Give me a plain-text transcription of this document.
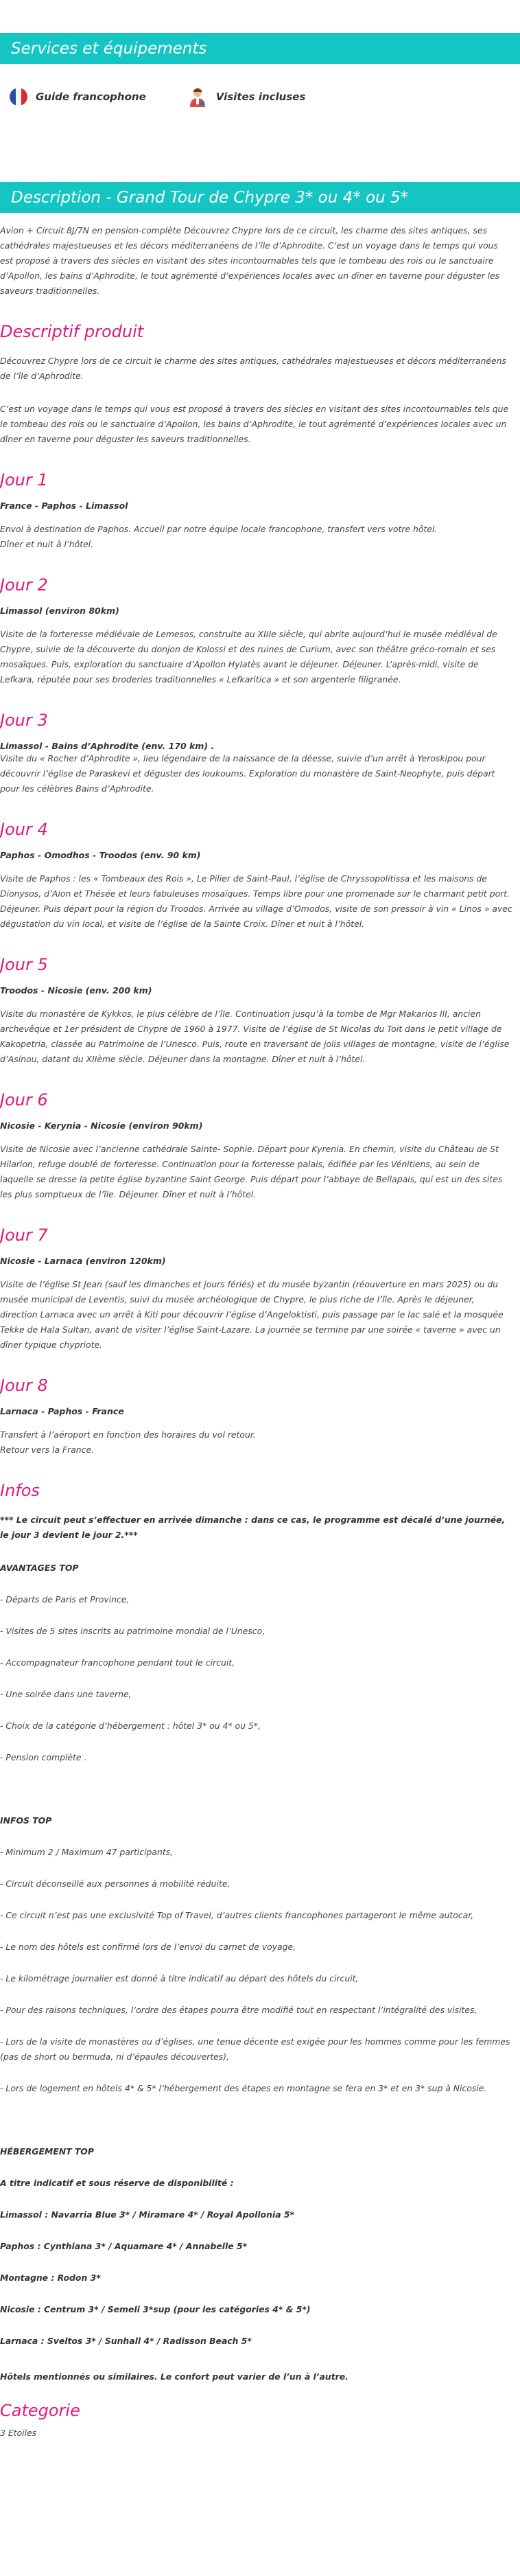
Services et équipements
Guide francophone	Visites incluses
Description - Grand Tour de Chypre 3* ou 4* ou 5*

Avion + Circuit 8J/7N en pension-complète Découvrez Chypre lors de ce circuit, les charme des sites antiques, ses cathédrales majestueuses et les décors méditerranéens de l’île d’Aphrodite. C’est un voyage dans le temps qui vous est proposé à travers des siècles en visitant des sites incontournables tels que le tombeau des rois ou le sanctuaire d’Apollon, les bains d’Aphrodite, le tout agrémenté d’expériences locales avec un dîner en taverne pour déguster les saveurs traditionnelles.

Descriptif produit

Découvrez Chypre lors de ce circuit le charme des sites antiques, cathédrales majestueuses et décors méditerranéens de l’île d’Aphrodite.

C’est un voyage dans le temps qui vous est proposé à travers des siècles en visitant des sites incontournables tels que le tombeau des rois ou le sanctuaire d’Apollon, les bains d’Aphrodite, le tout agrémenté d’expériences locales avec un dîner en taverne pour déguster les saveurs traditionnelles.

Jour 1
France - Paphos - Limassol

Envol à destination de Paphos. Accueil par notre équipe locale francophone, transfert vers votre hôtel.
Dîner et nuit à l’hôtel.

Jour 2
Limassol (environ 80km)

Visite de la forteresse médiévale de Lemesos, construite au XIIIe siècle, qui abrite aujourd’hui le musée médiéval de Chypre, suivie de la découverte du donjon de Kolossi et des ruines de Curium, avec son théâtre gréco-romain et ses mosaïques. Puis, exploration du sanctuaire d’Apollon Hylatès avant le déjeuner. Déjeuner. L’après-midi, visite de Lefkara, réputée pour ses broderies traditionnelles « Lefkaritica » et son argenterie filigranée.

Jour 3
Limassol - Bains d’Aphrodite (env. 170 km) .

Visite du « Rocher d’Aphrodite », lieu légendaire de la naissance de la déesse, suivie d’un arrêt à Yeroskipou pour découvrir l’église de Paraskevi et déguster des loukoums. Exploration du monastère de Saint-Neophyte, puis départ pour les célèbres Bains d’Aphrodite.

Jour 4
Paphos - Omodhos - Troodos (env. 90 km)

Visite de Paphos : les « Tombeaux des Rois », Le Pilier de Saint-Paul, l’église de Chryssopolitissa et les maisons de Dionysos, d’Aion et Thésée et leurs fabuleuses mosaïques. Temps libre pour une promenade sur le charmant petit port. Déjeuner. Puis départ pour la région du Troodos. Arrivée au village d’Omodos, visite de son pressoir à vin « Linos » avec dégustation du vin local, et visite de l’église de la Sainte Croix. Dîner et nuit à l’hôtel.

Jour 5
Troodos - Nicosie (env. 200 km)

Visite du monastère de Kykkos, le plus célèbre de l’île. Continuation jusqu’à la tombe de Mgr Makarios III, ancien archevêque et 1er président de Chypre de 1960 à 1977. Visite de l’église de St Nicolas du Toit dans le petit village de Kakopetria, classée au Patrimoine de l’Unesco. Puis, route en traversant de jolis villages de montagne, visite de l’église d’Asinou, datant du XIIème siècle. Déjeuner dans la montagne. Dîner et nuit à l’hôtel.

Jour 6
Nicosie - Kerynia - Nicosie (environ 90km)

Visite de Nicosie avec l’ancienne cathédrale Sainte- Sophie. Départ pour Kyrenia. En chemin, visite du Château de St Hilarion, refuge doublé de forteresse. Continuation pour la forteresse palais, édifiée par les Vénitiens, au sein de laquelle se dresse la petite église byzantine Saint George. Puis départ pour l’abbaye de Bellapais, qui est un des sites les plus somptueux de l’île. Déjeuner. Dîner et nuit à l’hôtel.

Jour 7
Nicosie - Larnaca (environ 120km)

Visite de l’église St Jean (sauf les dimanches et jours fériés) et du musée byzantin (réouverture en mars 2025) ou du musée municipal de Leventis, suivi du musée archéologique de Chypre, le plus riche de l’île. Après le déjeuner, direction Larnaca avec un arrêt à Kiti pour découvrir l’église d’Angeloktisti, puis passage par le lac salé et la mosquée Tekke de Hala Sultan, avant de visiter l’église Saint-Lazare. La journée se termine par une soirée « taverne » avec un dîner typique chypriote.

Jour 8
Larnaca - Paphos - France

Transfert à l’aéroport en fonction des horaires du vol retour.
Retour vers la France.

Infos

*** Le circuit peut s’effectuer en arrivée dimanche : dans ce cas, le programme est décalé d’une journée, le jour 3 devient le jour 2.***

AVANTAGES TOP

- Départs de Paris et Province,

- Visites de 5 sites inscrits au patrimoine mondial de l’Unesco,

- Accompagnateur francophone pendant tout le circuit,

- Une soirée dans une taverne,

- Choix de la catégorie d’hébergement : hôtel 3* ou 4* ou 5*,

- Pension complète .

INFOS TOP

- Minimum 2 / Maximum 47 participants,

- Circuit déconseillé aux personnes à mobilité réduite,

- Ce circuit n’est pas une exclusivité Top of Travel, d’autres clients francophones partageront le même autocar,

- Le nom des hôtels est confirmé lors de l’envoi du carnet de voyage,

- Le kilométrage journalier est donné à titre indicatif au départ des hôtels du circuit,

- Pour des raisons techniques, l’ordre des étapes pourra être modifié tout en respectant l’intégralité des visites,

- Lors de la visite de monastères ou d’églises, une tenue décente est exigée pour les hommes comme pour les femmes (pas de short ou bermuda, ni d’épaules découvertes),

- Lors de logement en hôtels 4* & 5* l’hébergement des étapes en montagne se fera en 3* et en 3* sup à Nicosie.

HÉBERGEMENT TOP

A titre indicatif et sous réserve de disponibilité :

Limassol : Navarria Blue 3* / Miramare 4* / Royal Apollonia 5*

Paphos : Cynthiana 3* / Aquamare 4* / Annabelle 5*

Montagne : Rodon 3*

Nicosie : Centrum 3* / Semeli 3*sup (pour les catégories 4* & 5*)

Larnaca : Sveltos 3* / Sunhall 4* / Radisson Beach 5*

Hôtels mentionnés ou similaires. Le confort peut varier de l’un à l’autre.

Categorie

3 Etoiles
